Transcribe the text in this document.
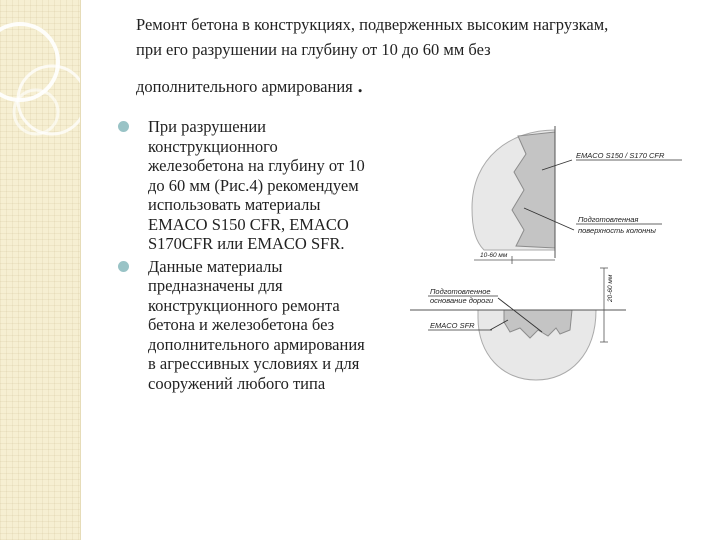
Ремонт бетона в конструкциях, подверженных высоким нагрузкам,
при его разрушении на глубину от 10 до 60 мм без
дополнительного армирования .
При разрушении конструкционного железобетона на глубину от 10 до 60 мм (Рис.4) рекомендуем использовать материалы EMACO S150 CFR, EMACO S170CFR или EMACO SFR.
Данные материалы предназначены для конструкционного ремонта бетона и железобетона без дополнительного армирования в агрессивных условиях и для сооружений любого типа
EMACO S150 / S170 CFR
Подготовленная
поверхность колонны
10-60 мм
Подготовленное
основание дороги
EMACO SFR
20-60 мм
